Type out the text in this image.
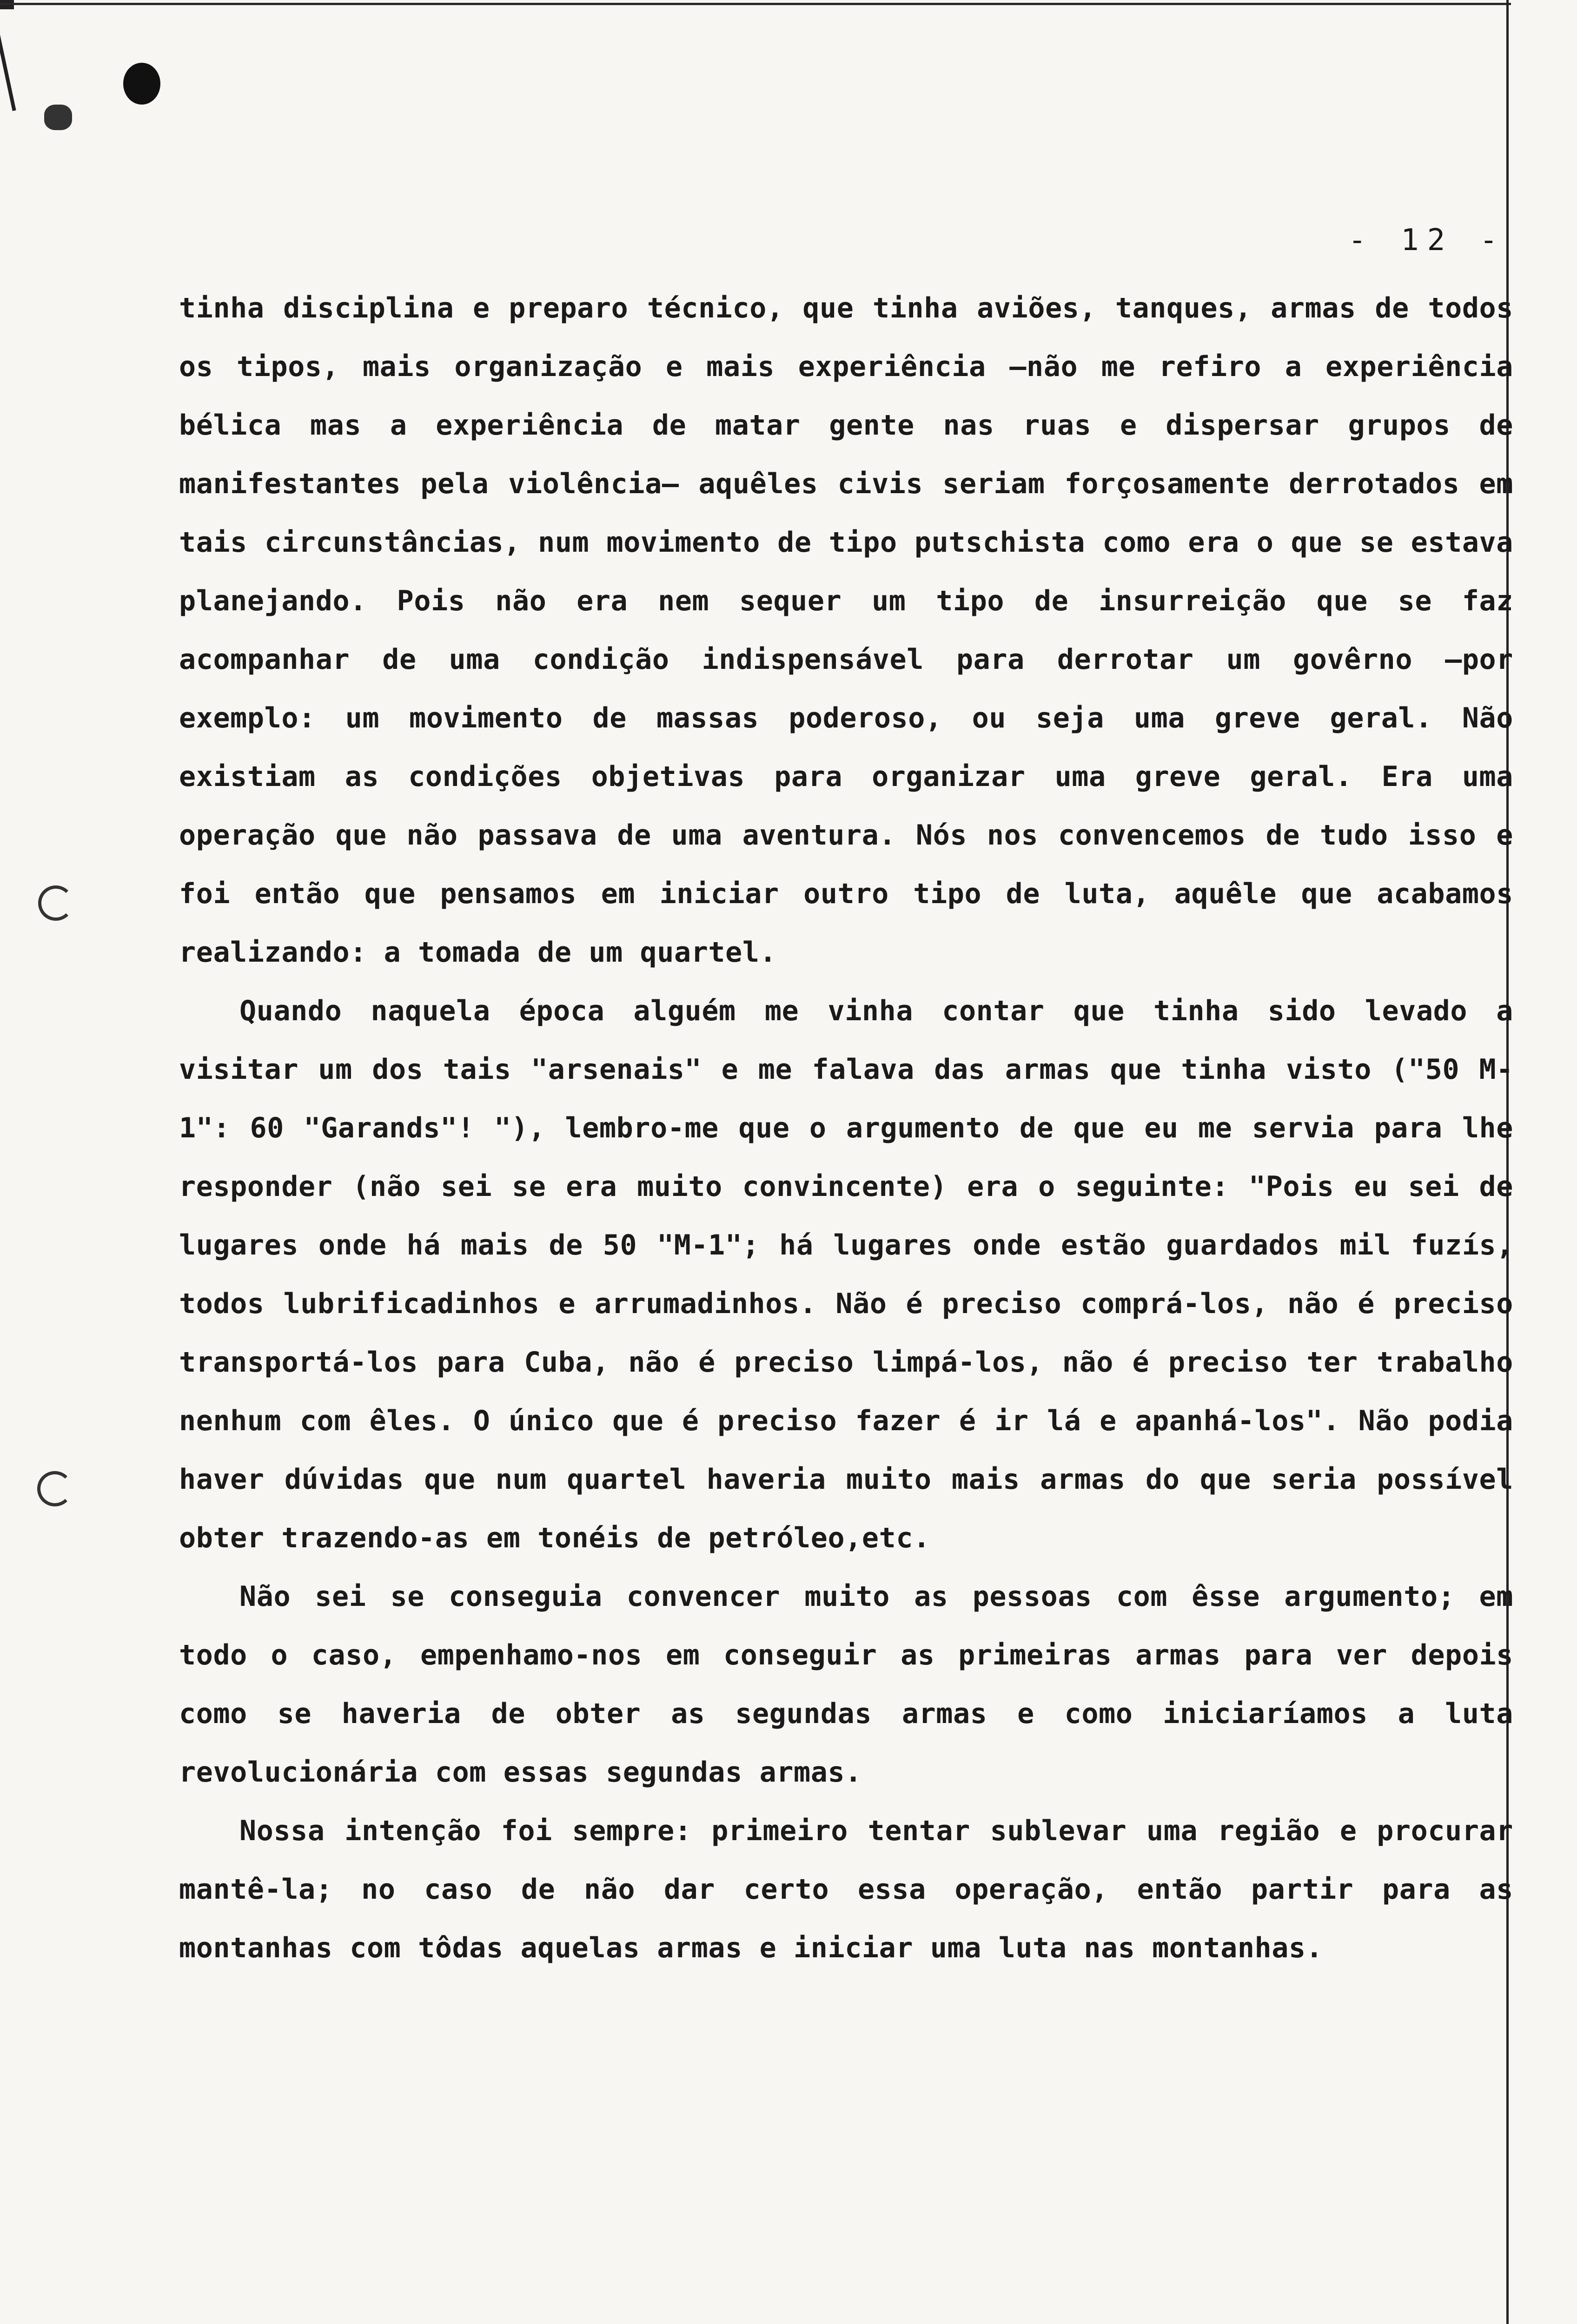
- 12 -

tinha disciplina e preparo técnico, que tinha aviões, tanques, armas de todos os tipos, mais organização e mais experiência —não me refiro a experiência bélica mas a experiência de matar gente nas ruas e dispersar grupos de manifestantes pela violência— aquêles civis seriam forçosamente derrotados em tais circunstâncias, num movimento de tipo putschista como era o que se estava planejando. Pois não era nem sequer um tipo de insurreição que se faz acompanhar de uma condição indispensável para derrotar um govêrno —por exemplo: um movimento de massas poderoso, ou seja uma greve geral. Não existiam as condições objetivas para organizar uma greve geral. Era uma operação que não passava de uma aventura. Nós nos convencemos de tudo isso e foi então que pensamos em iniciar outro tipo de luta, aquêle que acabamos realizando: a tomada de um quartel.

Quando naquela época alguém me vinha contar que tinha sido levado a visitar um dos tais "arsenais" e me falava das armas que tinha visto ("50 M-1": 60 "Garands"! "), lembro-me que o argumento de que eu me servia para lhe responder (não sei se era muito convincente) era o seguinte: "Pois eu sei de lugares onde há mais de 50 "M-1"; há lugares onde estão guardados mil fuzís, todos lubrificadinhos e arrumadinhos. Não é preciso comprá-los, não é preciso transportá-los para Cuba, não é preciso limpá-los, não é preciso ter trabalho nenhum com êles. O único que é preciso fazer é ir lá e apanhá-los". Não podia haver dúvidas que num quartel haveria muito mais armas do que seria possível obter trazendo-as em tonéis de petróleo,etc.

Não sei se conseguia convencer muito as pessoas com êsse argumento; em todo o caso, empenhamo-nos em conseguir as primeiras armas para ver depois como se haveria de obter as segundas armas e como iniciaríamos a luta revolucionária com essas segundas armas.

Nossa intenção foi sempre: primeiro tentar sublevar uma região e procurar mantê-la; no caso de não dar certo essa operação, então partir para as montanhas com tôdas aquelas armas e iniciar uma luta nas montanhas.
